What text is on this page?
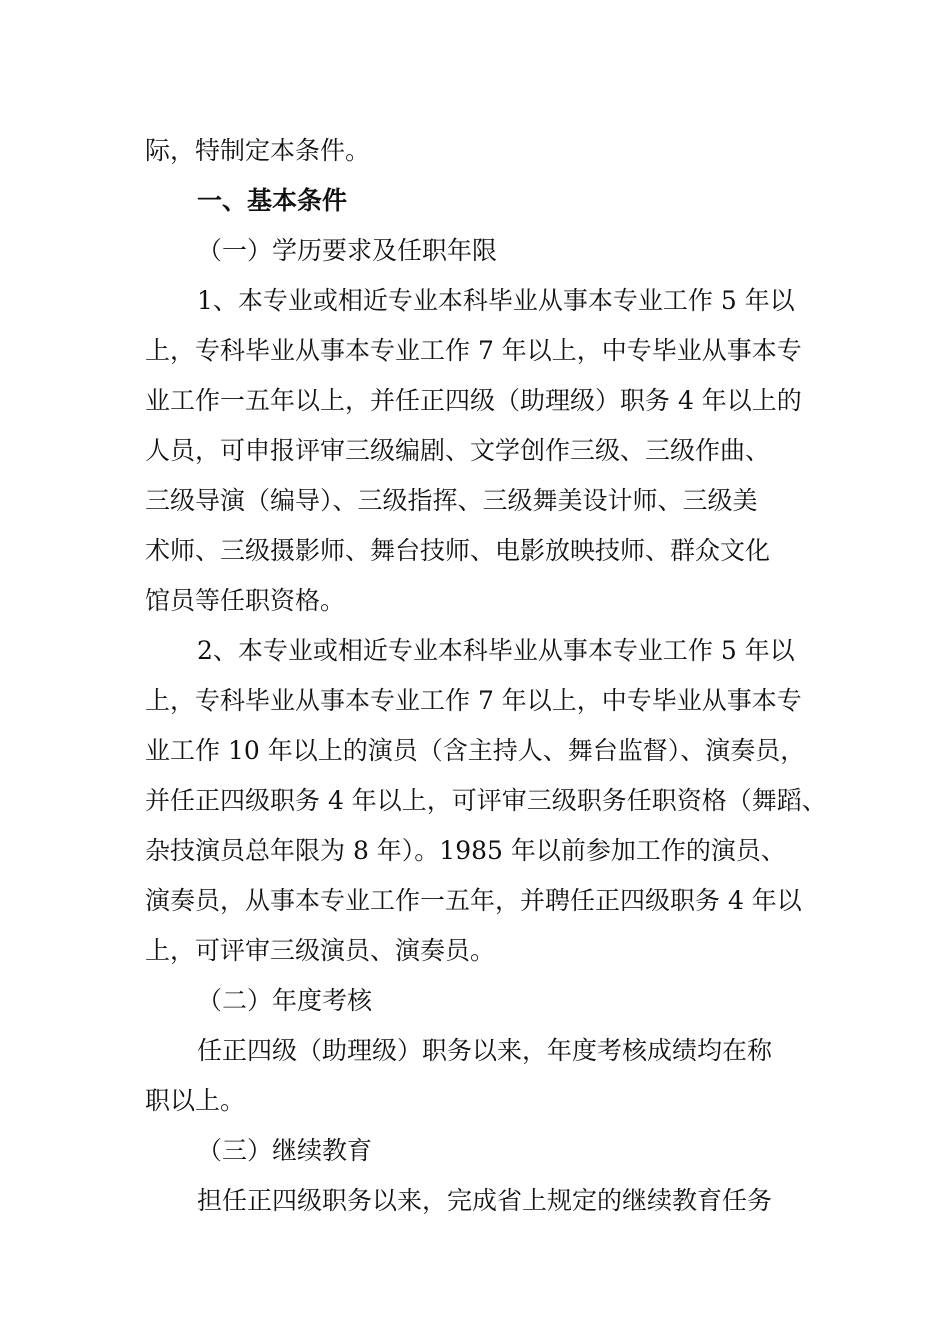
际，特制定本条件。
一、基本条件
（一）学历要求及任职年限
1、本专业或相近专业本科毕业从事本专业工作 5 年以
上，专科毕业从事本专业工作 7 年以上，中专毕业从事本专
业工作一五年以上，并任正四级（助理级）职务 4 年以上的
人员，可申报评审三级编剧、文学创作三级、三级作曲、
三级导演（编导）、三级指挥、三级舞美设计师、三级美
术师、三级摄影师、舞台技师、电影放映技师、群众文化
馆员等任职资格。
2、本专业或相近专业本科毕业从事本专业工作 5 年以
上，专科毕业从事本专业工作 7 年以上，中专毕业从事本专
业工作 10 年以上的演员（含主持人、舞台监督）、演奏员，
并任正四级职务 4 年以上，可评审三级职务任职资格（舞蹈、
杂技演员总年限为 8 年）。1985 年以前参加工作的演员、
演奏员，从事本专业工作一五年，并聘任正四级职务 4 年以
上，可评审三级演员、演奏员。
（二）年度考核
任正四级（助理级）职务以来，年度考核成绩均在称
职以上。
（三）继续教育
担任正四级职务以来，完成省上规定的继续教育任务
